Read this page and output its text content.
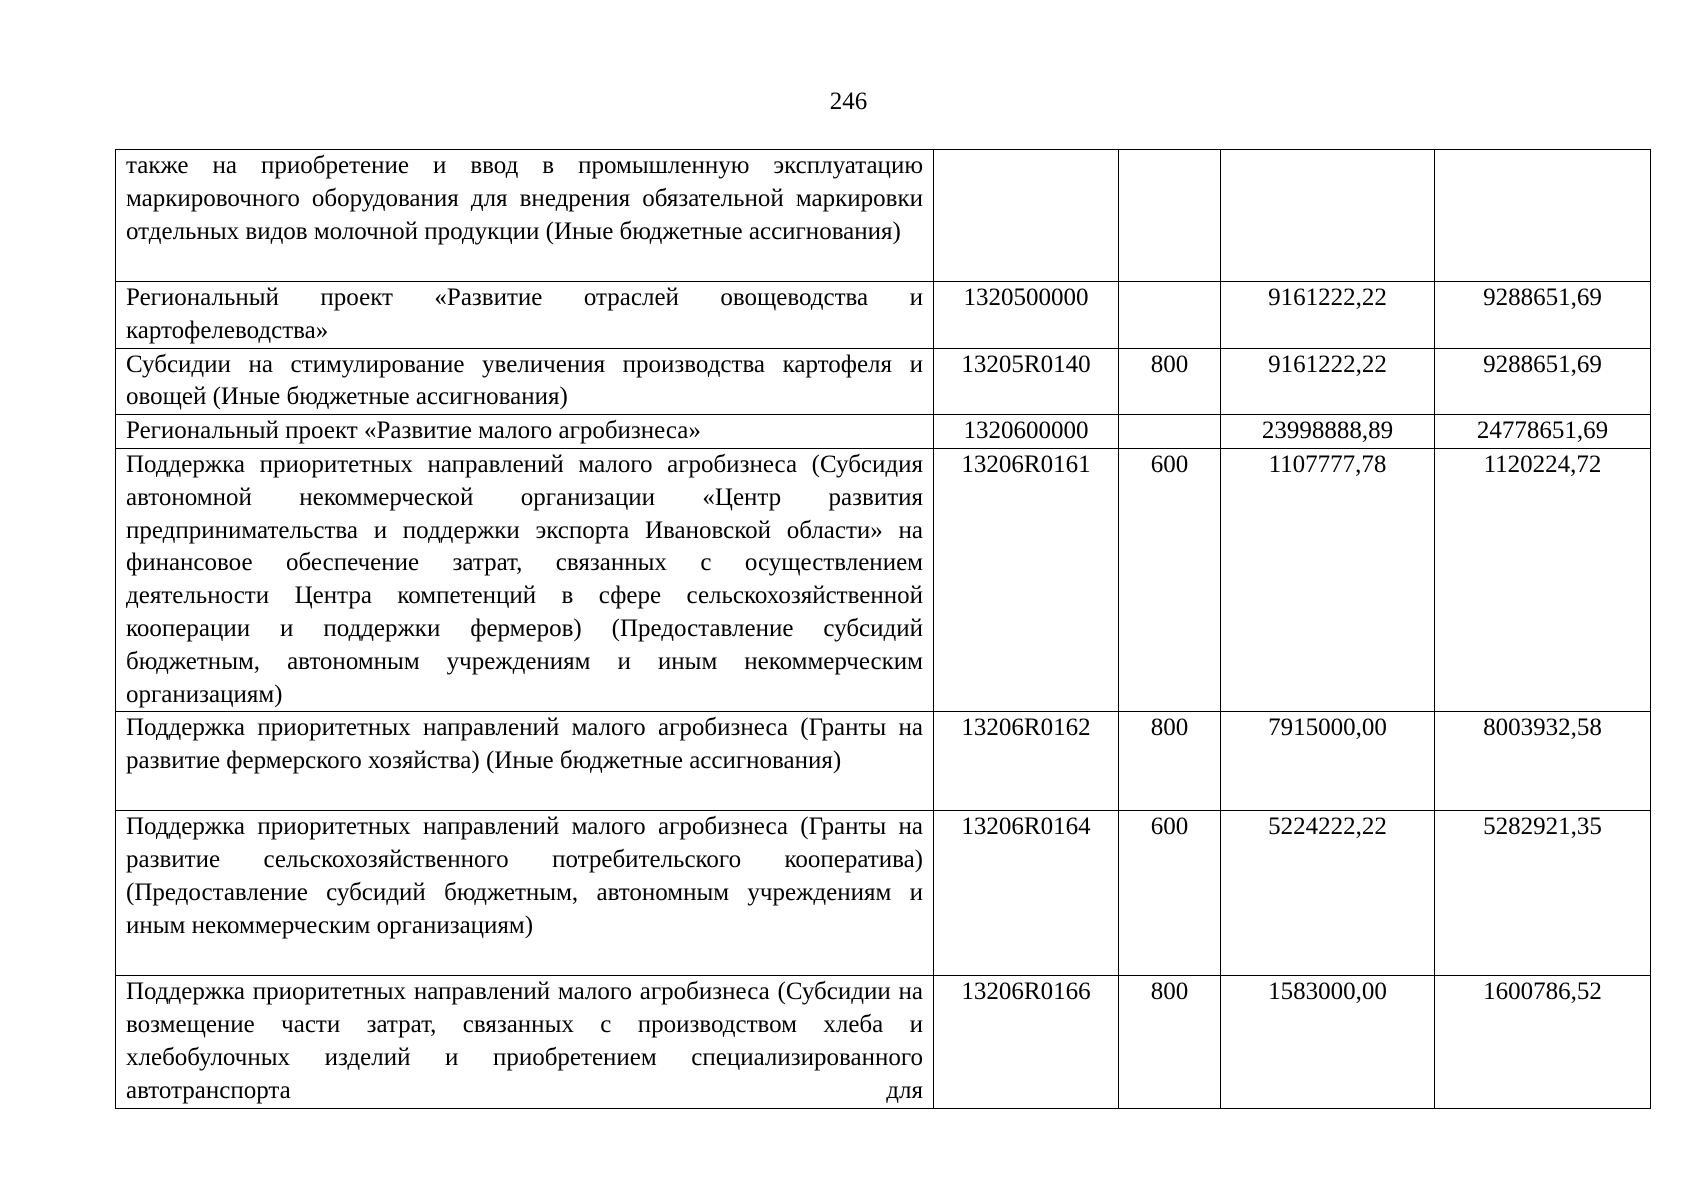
246
также на приобретение и ввод в промышленную эксплуатацию маркировочного оборудования для внедрения обязательной маркировки отдельных видов молочной продукции (Иные бюджетные ассигнования)				
Региональный проект «Развитие отраслей овощеводства и картофелеводства»	1320500000		9161222,22	9288651,69
Субсидии на стимулирование увеличения производства картофеля и овощей (Иные бюджетные ассигнования)	13205R0140	800	9161222,22	9288651,69
Региональный проект «Развитие малого агробизнеса»	1320600000		23998888,89	24778651,69
Поддержка приоритетных направлений малого агробизнеса (Субсидия автономной некоммерческой организации «Центр развития предпринимательства и поддержки экспорта Ивановской области» на финансовое обеспечение затрат, связанных с осуществлением деятельности Центра компетенций в сфере сельскохозяйственной кооперации и поддержки фермеров) (Предоставление субсидий бюджетным, автономным учреждениям и иным некоммерческим организациям)	13206R0161	600	1107777,78	1120224,72
Поддержка приоритетных направлений малого агробизнеса (Гранты на развитие фермерского хозяйства) (Иные бюджетные ассигнования)	13206R0162	800	7915000,00	8003932,58
Поддержка приоритетных направлений малого агробизнеса (Гранты на развитие сельскохозяйственного потребительского кооператива) (Предоставление субсидий бюджетным, автономным учреждениям и иным некоммерческим организациям)	13206R0164	600	5224222,22	5282921,35
Поддержка приоритетных направлений малого агробизнеса (Субсидии на возмещение части затрат, связанных с производством хлеба и хлебобулочных изделий и приобретением специализированного автотранспорта для	13206R0166	800	1583000,00	1600786,52
